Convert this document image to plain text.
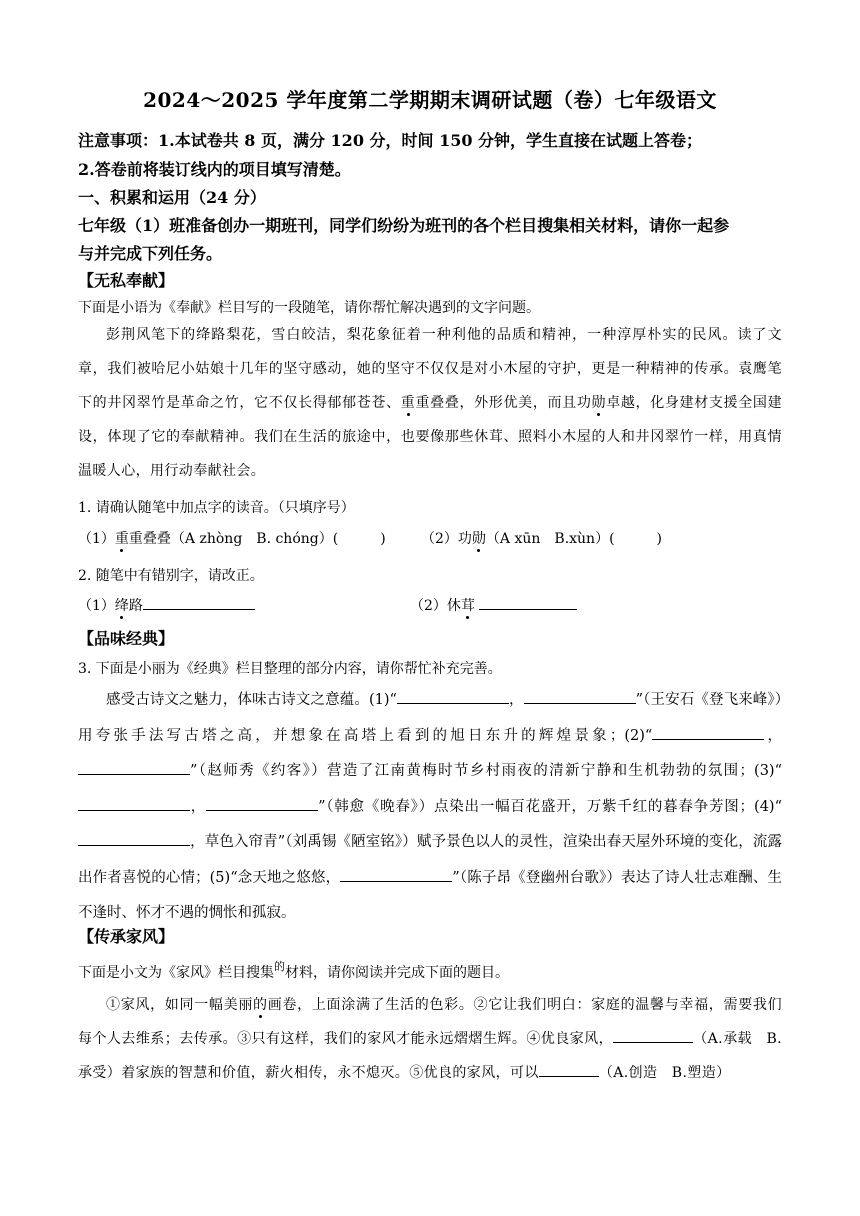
2024～2025 学年度第二学期期末调研试题（卷）七年级语文
注意事项：1.本试卷共 8 页，满分 120 分，时间 150 分钟，学生直接在试题上答卷；
2.答卷前将装订线内的项目填写清楚。
一、积累和运用（24 分）
七年级（1）班准备创办一期班刊，同学们纷纷为班刊的各个栏目搜集相关材料，请你一起参
与并完成下列任务。
【无私奉献】
下面是小语为《奉献》栏目写的一段随笔，请你帮忙解决遇到的文字问题。
彭荆风笔下的绛路梨花，雪白皎洁，梨花象征着一种利他的品质和精神，一种淳厚朴实的民风。读了文章，我们被哈尼小姑娘十几年的坚守感动，她的坚守不仅仅是对小木屋的守护，更是一种精神的传承。袁鹰笔下的井冈翠竹是革命之竹，它不仅长得郁郁苍苍、重重叠叠，外形优美，而且功勋卓越，化身建材支援全国建设，体现了它的奉献精神。我们在生活的旅途中，也要像那些休茸、照料小木屋的人和井冈翠竹一样，用真情温暖人心，用行动奉献社会。
1. 请确认随笔中加点字的读音。（只填序号）
（1）重重叠叠（A zhòng　B. chóng）(　　　)	（2）功勋（A xūn　B.xùn）(　　　)
2. 随笔中有错别字，请改正。
（1）绛路	（2）休茸
【品味经典】
3. 下面是小丽为《经典》栏目整理的部分内容，请你帮忙补充完善。
感受古诗文之魅力，体味古诗文之意蕴。(1)“	，	”（王安石《登飞来峰》）用夸张手法写古塔之高，并想象在高塔上看到的旭日东升的辉煌景象；(2)“	，”（赵师秀《约客》）营造了江南黄梅时节乡村雨夜的清新宁静和生机勃勃的氛围；(3)“，	”（韩愈《晚春》）点染出一幅百花盛开，万紫千红的暮春争芳图；(4)“，草色入帘青”（刘禹锡《陋室铭》）赋予景色以人的灵性，渲染出春天屋外环境的变化，流露出作者喜悦的心情；(5)“念天地之悠悠，	”（陈子昂《登幽州台歌》）表达了诗人壮志难酬、生不逢时、怀才不遇的惆怅和孤寂。
【传承家风】
下面是小文为《家风》栏目搜集$^的$材料，请你阅读并完成下面的题目。
①家风，如同一幅美丽的画卷，上面涂满了生活的色彩。②它让我们明白：家庭的温馨与幸福，需要我们每个人去维系；去传承。③只有这样，我们的家风才能永远熠熠生辉。④优良家风，	（A.承载　B.承受）着家族的智慧和价值，薪火相传，永不熄灭。⑤优良的家风，可以	（A.创造　B.塑造）
